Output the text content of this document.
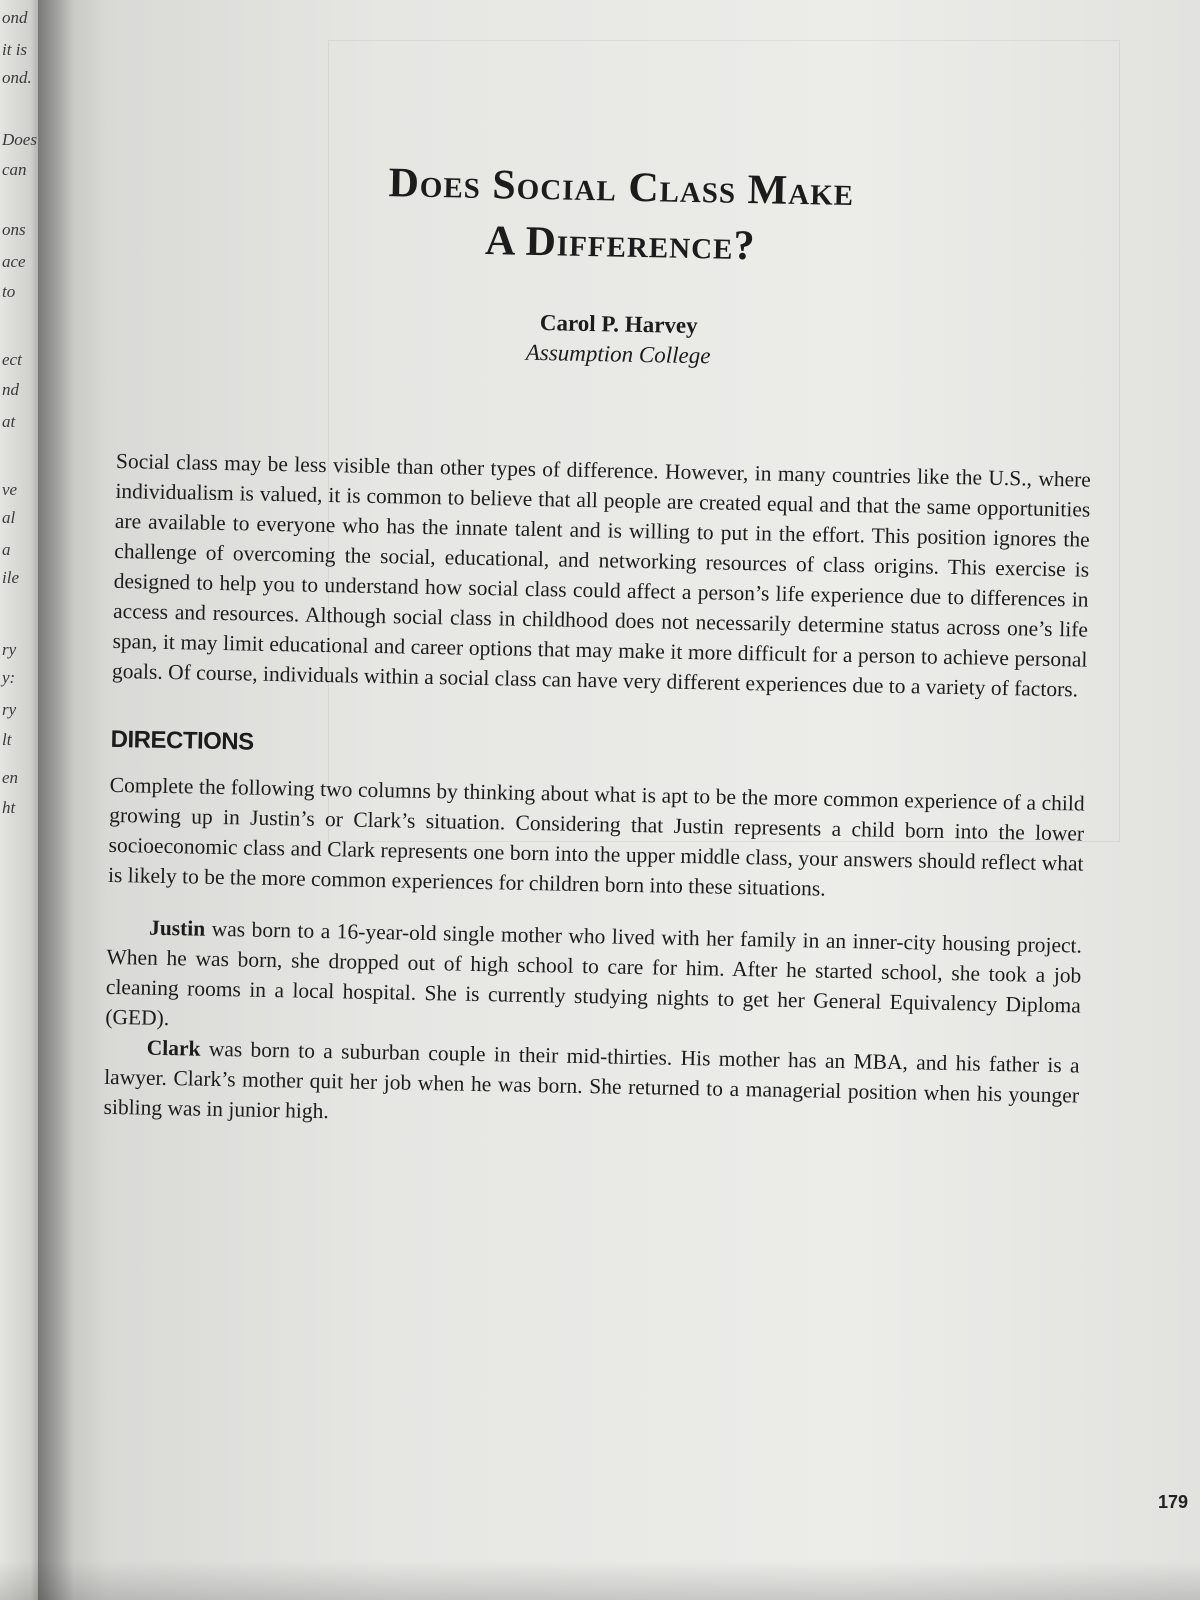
ond
it is
ond.
Does
can
ons
ace
to
ect
nd
at
ve
al
a
ile
ry
y:
ry
lt
en
ht
Does Social Class Make
A Difference?
Carol P. Harvey
Assumption College

Social class may be less visible than other types of difference. However, in many countries like the U.S., where individualism is valued, it is common to believe that all people are created equal and that the same opportunities are available to everyone who has the innate talent and is willing to put in the effort. This position ignores the challenge of overcoming the social, educational, and networking resources of class origins. This exercise is designed to help you to understand how social class could affect a person’s life experience due to differences in access and resources. Although social class in childhood does not necessarily determine status across one’s life span, it may limit educational and career options that may make it more difficult for a person to achieve personal goals. Of course, individuals within a social class can have very different experiences due to a variety of factors.

DIRECTIONS

Complete the following two columns by thinking about what is apt to be the more common experience of a child growing up in Justin’s or Clark’s situation. Considering that Justin represents a child born into the lower socioeconomic class and Clark represents one born into the upper middle class, your answers should reflect what is likely to be the more common experiences for children born into these situations.

Justin was born to a 16-year-old single mother who lived with her family in an inner-city housing project. When he was born, she dropped out of high school to care for him. After he started school, she took a job cleaning rooms in a local hospital. She is currently studying nights to get her General Equivalency Diploma (GED).

Clark was born to a suburban couple in their mid-thirties. His mother has an MBA, and his father is a lawyer. Clark’s mother quit her job when he was born. She returned to a managerial position when his younger sibling was in junior high.

179
